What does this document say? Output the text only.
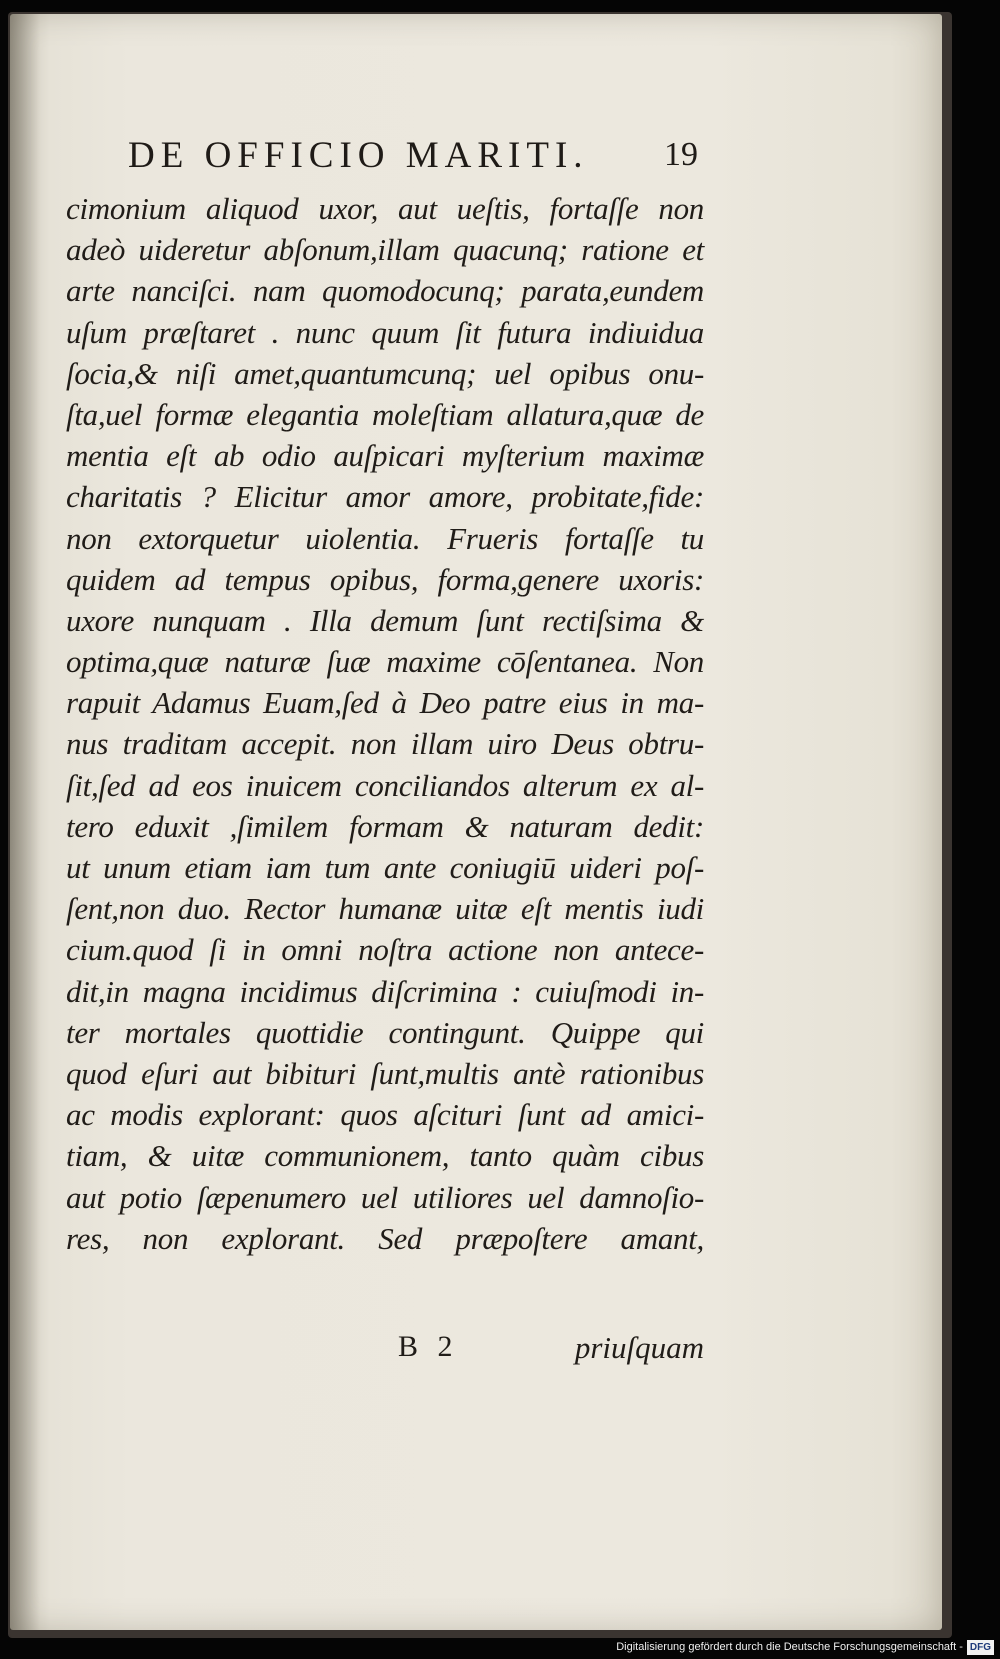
DE OFFICIO MARITI. 19
cimonium aliquod uxor, aut ueſtis, fortaſſe non
adeò uideretur abſonum,illam quacunq; ratione et
arte nanciſci. nam quomodocunq; parata,eundem
uſum præſtaret . nunc quum ſit futura indiuidua
ſocia,& niſi amet,quantumcunq; uel opibus onu-
ſta,uel formæ elegantia moleſtiam allatura,quæ de
mentia eſt ab odio auſpicari myſterium maximæ
charitatis ? Elicitur amor amore, probitate,fide:
non extorquetur uiolentia. Frueris fortaſſe tu
quidem ad tempus opibus, forma,genere uxoris:
uxore nunquam . Illa demum ſunt rectiſsima &
optima,quæ naturæ ſuæ maxime cōſentanea. Non
rapuit Adamus Euam,ſed à Deo patre eius in ma-
nus traditam accepit. non illam uiro Deus obtru-
ſit,ſed ad eos inuicem conciliandos alterum ex al-
tero eduxit ,ſimilem formam & naturam dedit:
ut unum etiam iam tum ante coniugiū uideri poſ-
ſent,non duo. Rector humanæ uitæ eſt mentis iudi
cium.quod ſi in omni noſtra actione non antece-
dit,in magna incidimus diſcrimina : cuiuſmodi in-
ter mortales quottidie contingunt. Quippe qui
quod eſuri aut bibituri ſunt,multis antè rationibus
ac modis explorant: quos aſcituri ſunt ad amici-
tiam, & uitæ communionem, tanto quàm cibus
aut potio ſæpenumero uel utiliores uel damnoſio-
res, non explorant. Sed præpoſtere amant,
B 2	priuſquam
Digitalisierung gefördert durch die Deutsche Forschungsgemeinschaft - DFG
